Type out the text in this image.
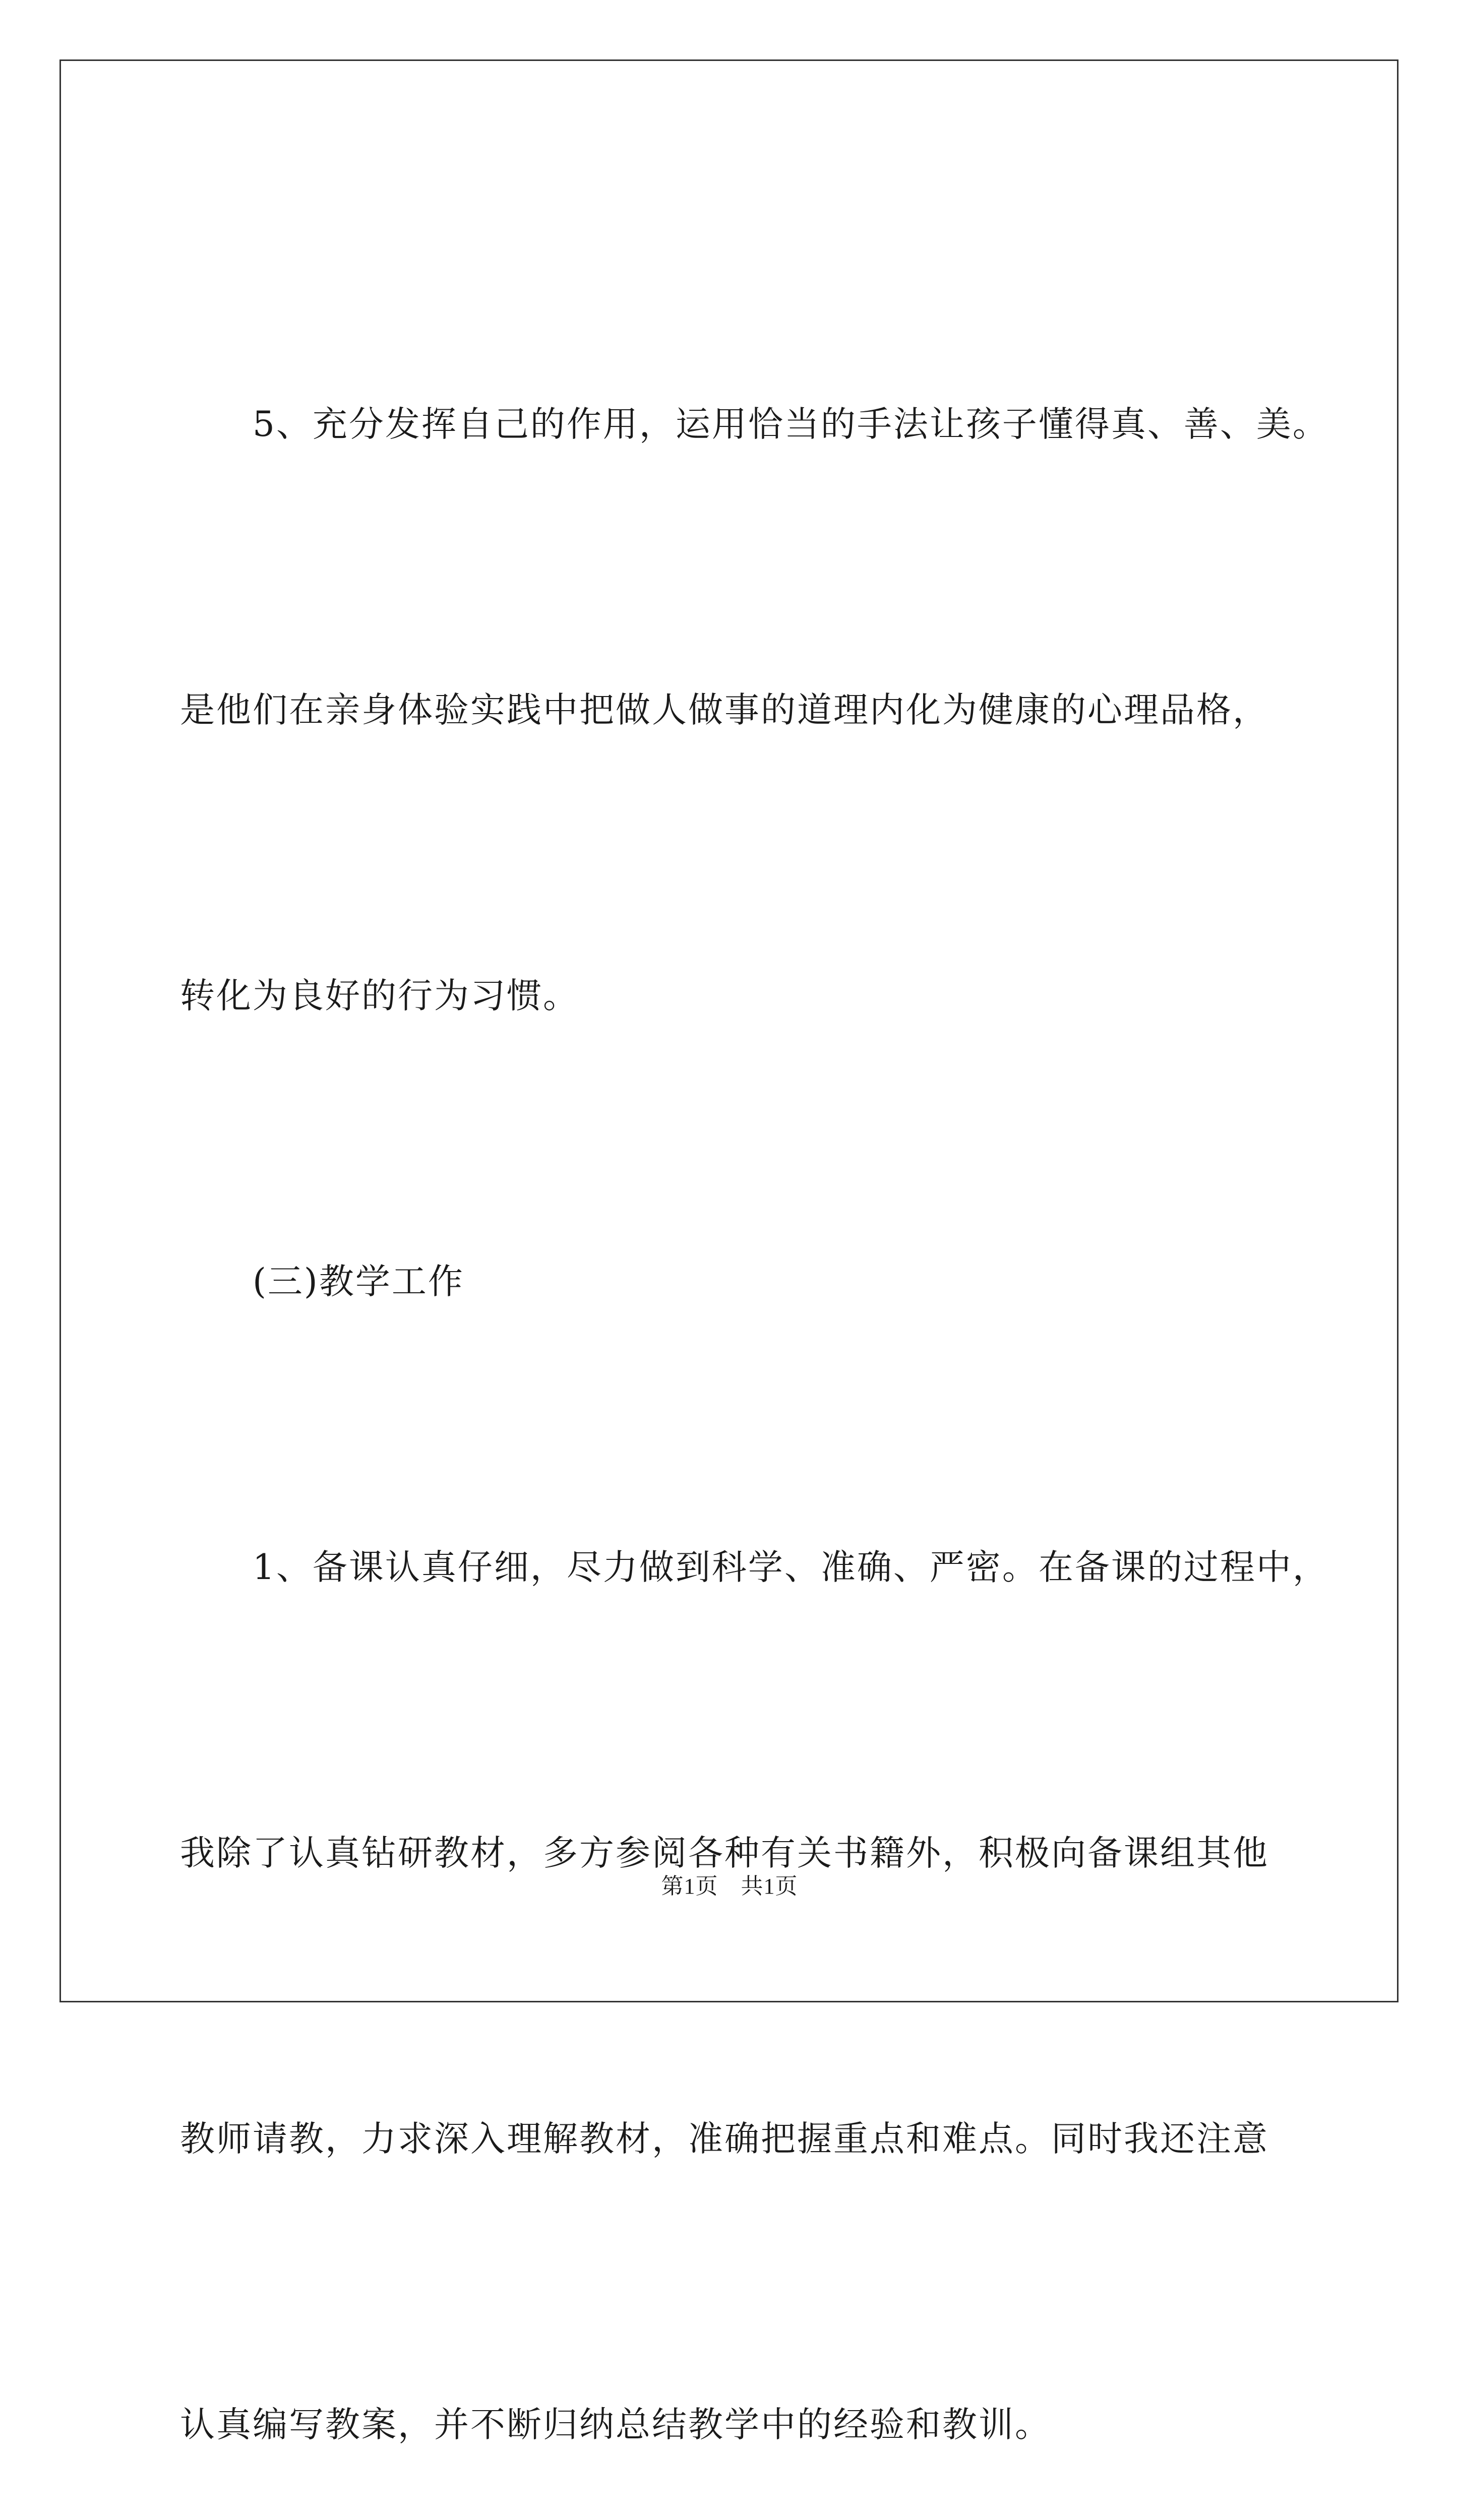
　　5、充分发挥自己的作用，运用恰当的手法让孩子懂得真、善、美。

是他们在亲身体验实践中把做人做事的道理内化为健康的心理品格，

转化为良好的行为习惯。

　　(三)教学工作

　　1、备课认真仔细，尽力做到科学、准确、严密。在备课的过程中，

我除了认真钻研教材，多方参阅各种有关书籍外，积极向备课组其他

教师请教，力求深入理解教材，准确把握重点和难点。同时我还注意

认真编写教案，并不断归纳总结教学中的经验和教训。

第1页　共1页
